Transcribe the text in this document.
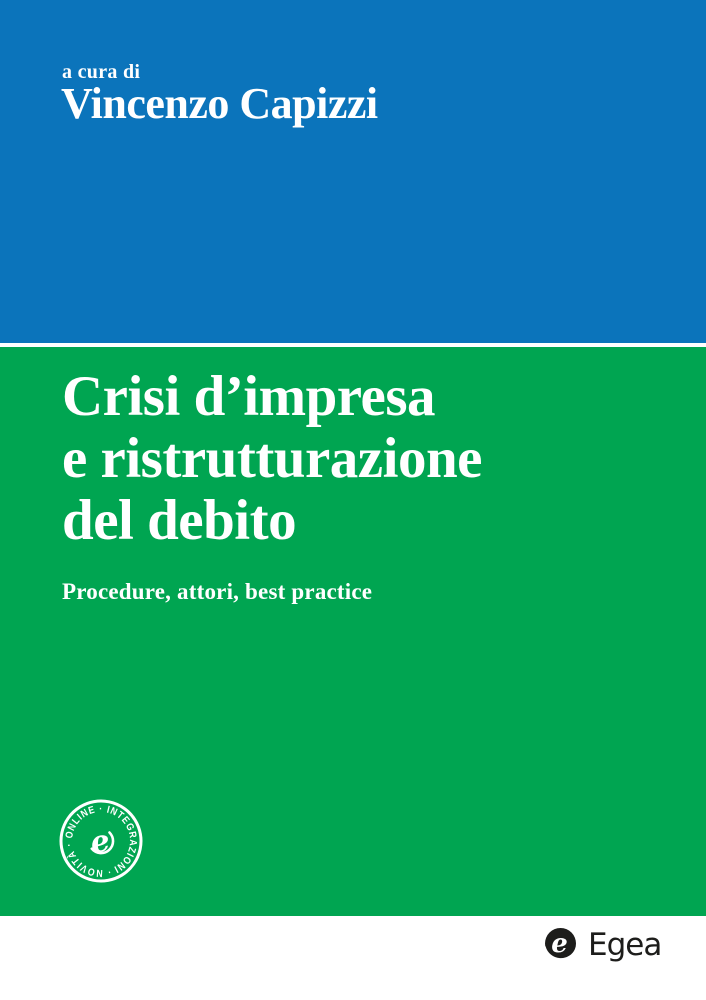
a cura di
Vincenzo Capizzi
Crisi d’impresa
e ristrutturazione
del debito
Procedure, attori, best practice
· ONLINE · INTEGRAZIONI · NOVITÀ e
e Egea
